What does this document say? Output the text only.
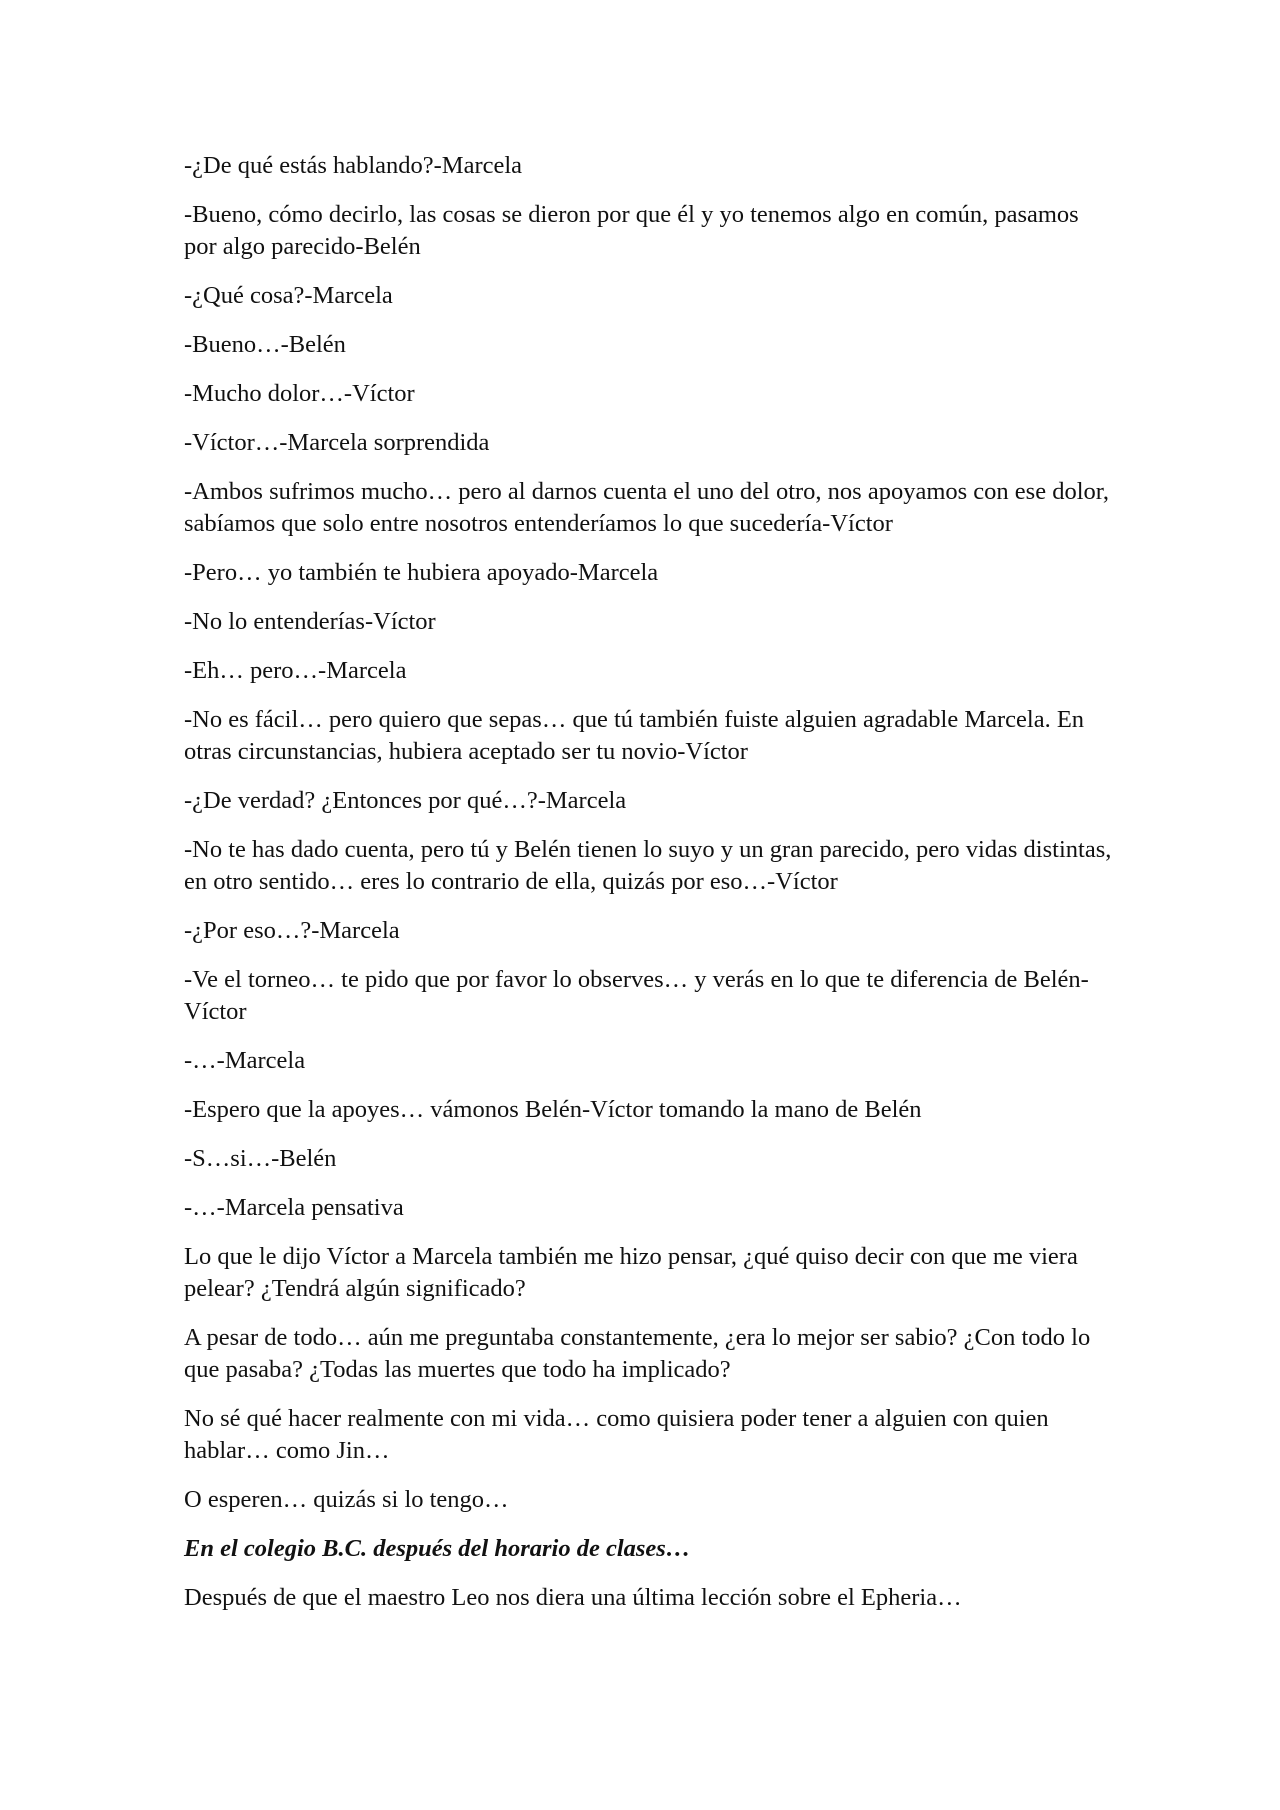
-¿De qué estás hablando?-Marcela

-Bueno, cómo decirlo, las cosas se dieron por que él y yo tenemos algo en común, pasamos por algo parecido-Belén

-¿Qué cosa?-Marcela

-Bueno…-Belén

-Mucho dolor…-Víctor

-Víctor…-Marcela sorprendida

-Ambos sufrimos mucho… pero al darnos cuenta el uno del otro, nos apoyamos con ese dolor, sabíamos que solo entre nosotros entenderíamos lo que sucedería-Víctor

-Pero… yo también te hubiera apoyado-Marcela

-No lo entenderías-Víctor

-Eh… pero…-Marcela

-No es fácil… pero quiero que sepas… que tú también fuiste alguien agradable Marcela. En otras circunstancias, hubiera aceptado ser tu novio-Víctor

-¿De verdad? ¿Entonces por qué…?-Marcela

-No te has dado cuenta, pero tú y Belén tienen lo suyo y un gran parecido, pero vidas distintas, en otro sentido… eres lo contrario de ella, quizás por eso…-Víctor

-¿Por eso…?-Marcela

-Ve el torneo… te pido que por favor lo observes… y verás en lo que te diferencia de Belén-Víctor

-…-Marcela

-Espero que la apoyes… vámonos Belén-Víctor tomando la mano de Belén

-S…si…-Belén

-…-Marcela pensativa

Lo que le dijo Víctor a Marcela también me hizo pensar, ¿qué quiso decir con que me viera pelear? ¿Tendrá algún significado?

A pesar de todo… aún me preguntaba constantemente, ¿era lo mejor ser sabio? ¿Con todo lo que pasaba? ¿Todas las muertes que todo ha implicado?

No sé qué hacer realmente con mi vida… como quisiera poder tener a alguien con quien hablar… como Jin…

O esperen… quizás si lo tengo…

En el colegio B.C. después del horario de clases…

Después de que el maestro Leo nos diera una última lección sobre el Epheria…
